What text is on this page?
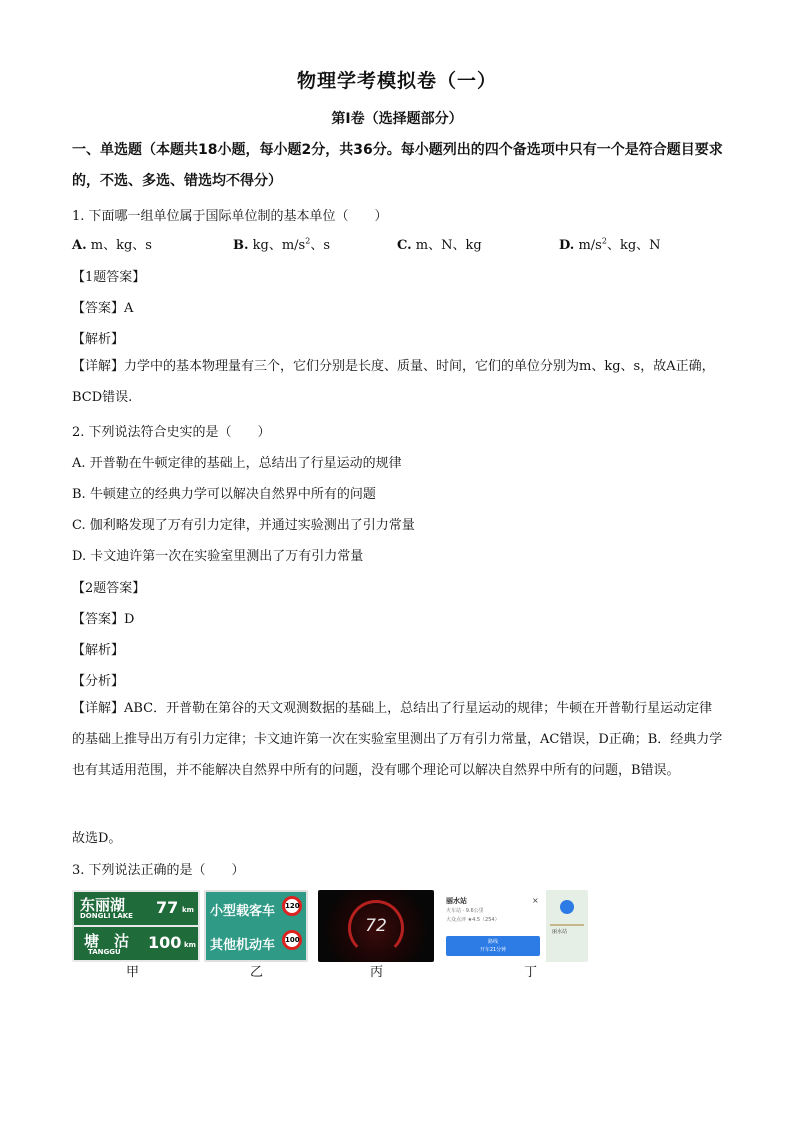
物理学考模拟卷（一）
第I卷（选择题部分）
一、单选题（本题共18小题，每小题2分，共36分。每小题列出的四个备选项中只有一个是符合题目要求的，不选、多选、错选均不得分）
1. 下面哪一组单位属于国际单位制的基本单位（　　）
A. m、kg、s	B. kg、$m/s^2$、s	C. m、N、kg	D. $m/s^2$、kg、N
【1题答案】
【答案】A
【解析】
【详解】力学中的基本物理量有三个，它们分别是长度、质量、时间，它们的单位分别为m、kg、s，故A正确，BCD错误.
2. 下列说法符合史实的是（　　）
A. 开普勒在牛顿定律的基础上，总结出了行星运动的规律
B. 牛顿建立的经典力学可以解决自然界中所有的问题
C. 伽利略发现了万有引力定律，并通过实验测出了引力常量
D. 卡文迪许第一次在实验室里测出了万有引力常量
【2题答案】
【答案】D
【解析】
【分析】
【详解】ABC．开普勒在第谷的天文观测数据的基础上，总结出了行星运动的规律；牛顿在开普勒行星运动定律的基础上推导出万有引力定律；卡文迪许第一次在实验室里测出了万有引力常量，AC错误，D正确；B．经典力学也有其适用范围，并不能解决自然界中所有的问题，没有哪个理论可以解决自然界中所有的问题，B错误。
故选D。
3. 下列说法正确的是（　　）
东丽湖
DONGLI LAKE 77 km
塘　沽
TANGGU 100 km
甲
小型载客车	120
其他机动车	100
乙
72
丙
丽水站
火车站 · 9.6公里
大众点评 ★4.5（254）
×
路线
开车21分钟
丽水站
丁
